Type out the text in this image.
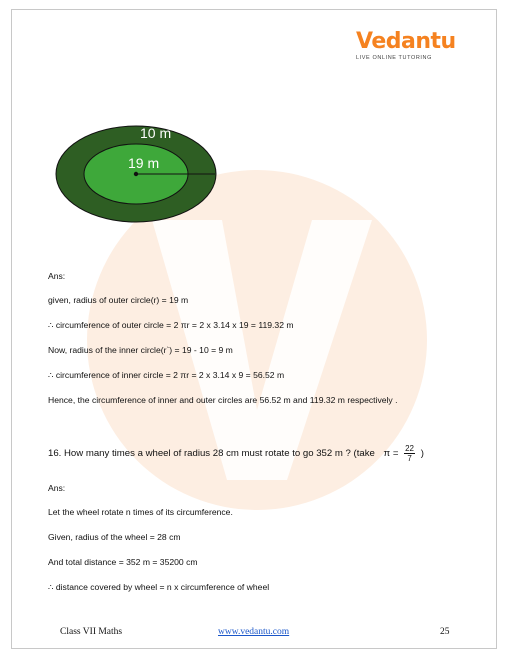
Vedantu
LIVE ONLINE TUTORING
10 m
19 m
Ans:
given, radius of outer circle(r) = 19 m
∴ circumference of outer circle = 2 πr = 2 x 3.14 x 19 = 119.32 m
Now, radius of the inner circle(r`) = 19 - 10 = 9 m
∴ circumference of inner circle = 2 πr = 2 x 3.14 x 9 = 56.52 m
Hence, the circumference of inner and outer circles are 56.52 m and 119.32 m respectively .
16. How many times a wheel of radius 28 cm must rotate to go 352 m ? (take $\pi = \frac{22}{7}$ )
Ans:
Let the wheel rotate n times of its circumference.
Given, radius of the wheel = 28 cm
And total distance = 352 m = 35200 cm
∴ distance covered by wheel = n x circumference of wheel
Class VII Maths	www.vedantu.com	25
